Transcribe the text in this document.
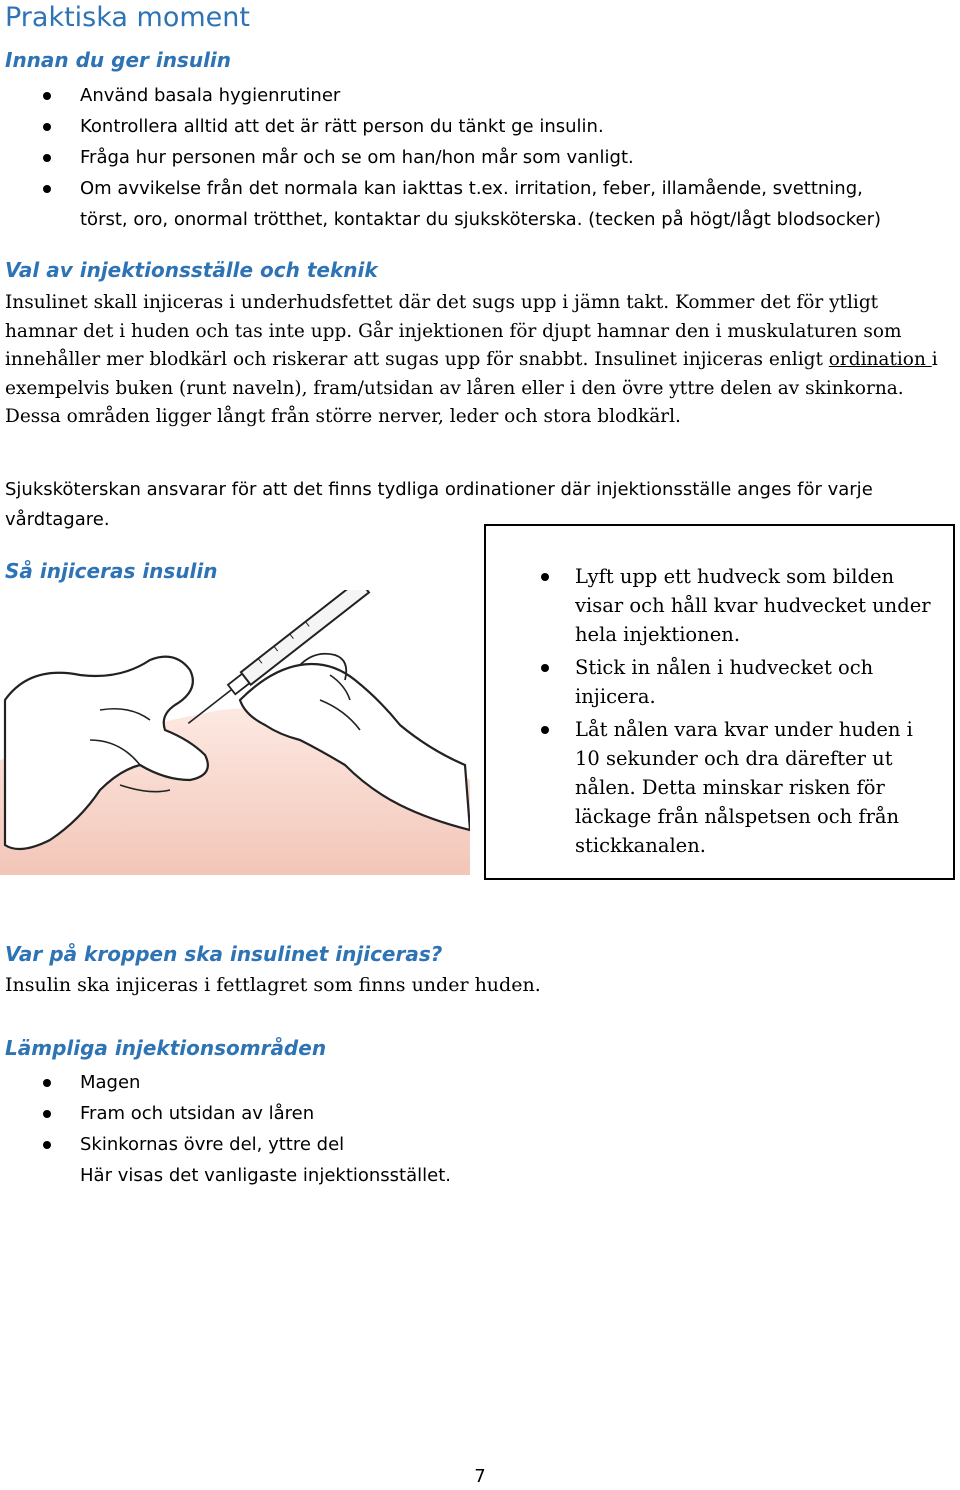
Praktiska moment
Innan du ger insulin
Använd basala hygienrutiner
Kontrollera alltid att det är rätt person du tänkt ge insulin.
Fråga hur personen mår och se om han/hon mår som vanligt.
Om avvikelse från det normala kan iakttas t.ex. irritation, feber, illamående, svettning,
törst, oro, onormal trötthet, kontaktar du sjuksköterska. (tecken på högt/lågt blodsocker)
Val av injektionsställe och teknik

Insulinet skall injiceras i underhudsfettet där det sugs upp i jämn takt. Kommer det för ytligt
hamnar det i huden och tas inte upp. Går injektionen för djupt hamnar den i muskulaturen som
innehåller mer blodkärl och riskerar att sugas upp för snabbt. Insulinet injiceras enligt ordination i
exempelvis buken (runt naveln), fram/utsidan av låren eller i den övre yttre delen av skinkorna.
Dessa områden ligger långt från större nerver, leder och stora blodkärl.

Sjuksköterskan ansvarar för att det finns tydliga ordinationer där injektionsställe anges för varje
vårdtagare.

Så injiceras insulin	Lyft upp ett hudveck som bilden visar och håll kvar hudvecket under hela injektionen.
Stick in nålen i hudvecket och injicera.
Låt nålen vara kvar under huden i 10 sekunder och dra därefter ut nålen. Detta minskar risken för läckage från nålspetsen och från stickkanalen.
Var på kroppen ska insulinet injiceras?

Insulin ska injiceras i fettlagret som finns under huden.

Lämpliga injektionsområden
Magen
Fram och utsidan av låren
Skinkornas övre del, yttre del
Här visas det vanligaste injektionsstället.
7
